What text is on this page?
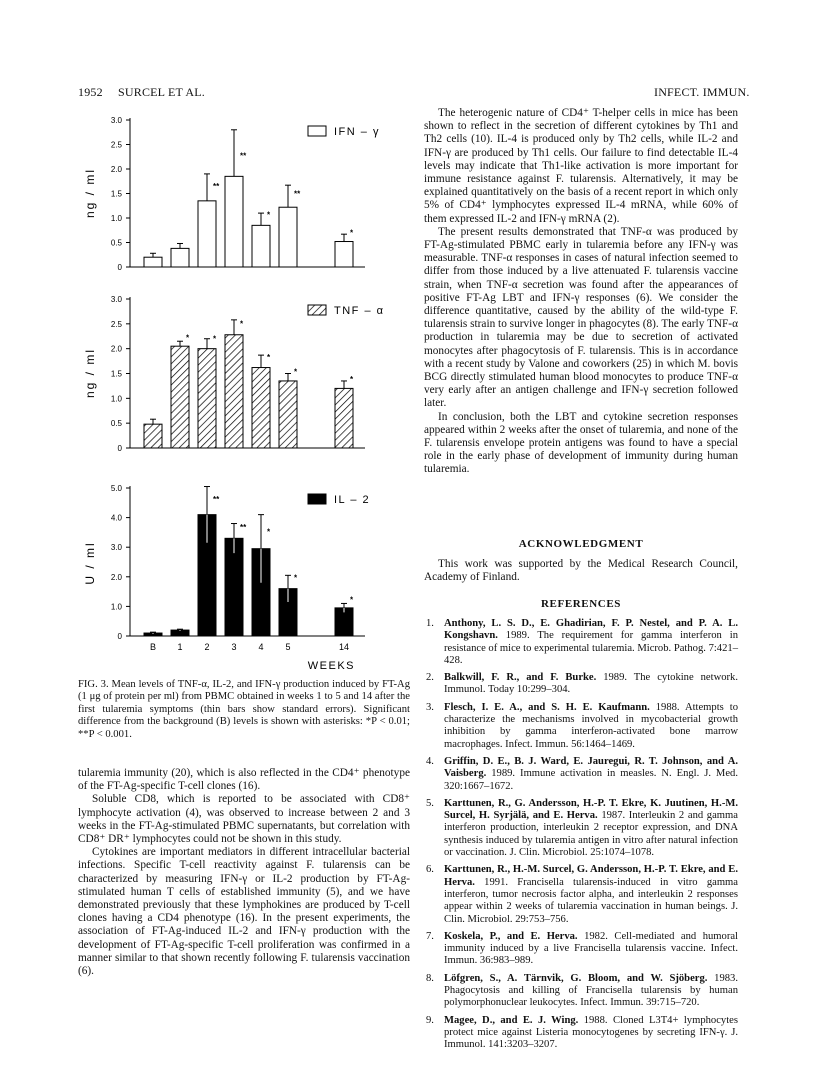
1952 SURCEL ET AL.	INFECT. IMMUN.
0
0.5
1.0
1.5
2.0
2.5
3.0
ng / ml	**
**
*
**
*
IFN – γ
0
0.5
1.0
1.5
2.0
2.5
3.0
ng / ml
*	*
*
*
*
*
TNF – α
0
1.0
2.0
3.0
4.0
5.0
U / ml
**
**
*
*
*
IL – 2
B 1 2 3 4 5	14
WEEKS
FIG. 3. Mean levels of TNF-α, IL-2, and IFN-γ production induced by FT-Ag (1 μg of protein per ml) from PBMC obtained in weeks 1 to 5 and 14 after the first tularemia symptoms (thin bars show standard errors). Significant difference from the background (B) levels is shown with asterisks: *P < 0.01; **P < 0.001.

tularemia immunity (20), which is also reflected in the CD4⁺ phenotype of the FT-Ag-specific T-cell clones (16).

Soluble CD8, which is reported to be associated with CD8⁺ lymphocyte activation (4), was observed to increase between 2 and 3 weeks in the FT-Ag-stimulated PBMC supernatants, but correlation with CD8⁺ DR⁺ lymphocytes could not be shown in this study.

Cytokines are important mediators in different intracellular bacterial infections. Specific T-cell reactivity against F. tularensis can be characterized by measuring IFN-γ or IL-2 production by FT-Ag-stimulated human T cells of established immunity (5), and we have demonstrated previously that these lymphokines are produced by T-cell clones having a CD4 phenotype (16). In the present experiments, the association of FT-Ag-induced IL-2 and IFN-γ production with the development of FT-Ag-specific T-cell proliferation was confirmed in a manner similar to that shown recently following F. tularensis vaccination (6).

The heterogenic nature of CD4⁺ T-helper cells in mice has been shown to reflect in the secretion of different cytokines by Th1 and Th2 cells (10). IL-4 is produced only by Th2 cells, while IL-2 and IFN-γ are produced by Th1 cells. Our failure to find detectable IL-4 levels may indicate that Th1-like activation is more important for immune resistance against F. tularensis. Alternatively, it may be explained quantitatively on the basis of a recent report in which only 5% of CD4⁺ lymphocytes expressed IL-4 mRNA, while 60% of them expressed IL-2 and IFN-γ mRNA (2).

The present results demonstrated that TNF-α was produced by FT-Ag-stimulated PBMC early in tularemia before any IFN-γ was measurable. TNF-α responses in cases of natural infection seemed to differ from those induced by a live attenuated F. tularensis vaccine strain, when TNF-α secretion was found after the appearances of positive FT-Ag LBT and IFN-γ responses (6). We consider the difference quantitative, caused by the ability of the wild-type F. tularensis strain to survive longer in phagocytes (8). The early TNF-α production in tularemia may be due to secretion of activated monocytes after phagocytosis of F. tularensis. This is in accordance with a recent study by Valone and coworkers (25) in which M. bovis BCG directly stimulated human blood monocytes to produce TNF-α very early after an antigen challenge and IFN-γ secretion followed later.

In conclusion, both the LBT and cytokine secretion responses appeared within 2 weeks after the onset of tularemia, and none of the F. tularensis envelope protein antigens was found to have a special role in the early phase of development of immunity during human tularemia.

ACKNOWLEDGMENT

This work was supported by the Medical Research Council, Academy of Finland.

REFERENCES
1. Anthony, L. S. D., E. Ghadirian, F. P. Nestel, and P. A. L. Kongshavn. 1989. The requirement for gamma interferon in resistance of mice to experimental tularemia. Microb. Pathog. 7:421–428.
2. Balkwill, F. R., and F. Burke. 1989. The cytokine network. Immunol. Today 10:299–304.
3. Flesch, I. E. A., and S. H. E. Kaufmann. 1988. Attempts to characterize the mechanisms involved in mycobacterial growth inhibition by gamma interferon-activated bone marrow macrophages. Infect. Immun. 56:1464–1469.
4. Griffin, D. E., B. J. Ward, E. Jauregui, R. T. Johnson, and A. Vaisberg. 1989. Immune activation in measles. N. Engl. J. Med. 320:1667–1672.
5. Karttunen, R., G. Andersson, H.-P. T. Ekre, K. Juutinen, H.-M. Surcel, H. Syrjälä, and E. Herva. 1987. Interleukin 2 and gamma interferon production, interleukin 2 receptor expression, and DNA synthesis induced by tularemia antigen in vitro after natural infection or vaccination. J. Clin. Microbiol. 25:1074–1078.
6. Karttunen, R., H.-M. Surcel, G. Andersson, H.-P. T. Ekre, and E. Herva. 1991. Francisella tularensis-induced in vitro gamma interferon, tumor necrosis factor alpha, and interleukin 2 responses appear within 2 weeks of tularemia vaccination in human beings. J. Clin. Microbiol. 29:753–756.
7. Koskela, P., and E. Herva. 1982. Cell-mediated and humoral immunity induced by a live Francisella tularensis vaccine. Infect. Immun. 36:983–989.
8. Löfgren, S., A. Tärnvik, G. Bloom, and W. Sjöberg. 1983. Phagocytosis and killing of Francisella tularensis by human polymorphonuclear leukocytes. Infect. Immun. 39:715–720.
9. Magee, D., and E. J. Wing. 1988. Cloned L3T4+ lymphocytes protect mice against Listeria monocytogenes by secreting IFN-γ. J. Immunol. 141:3203–3207.
